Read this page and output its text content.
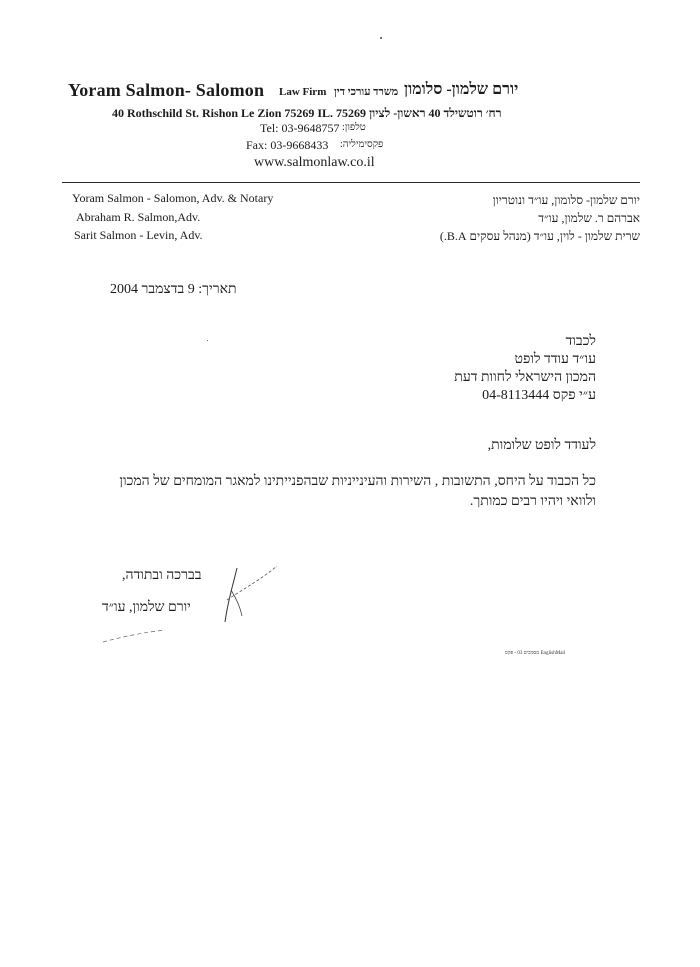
Yoram Salmon- Salomon Law Firm	יורם שלמון- סלומון
משרד עורכי דין
40 Rothschild St. Rishon Le Zion 75269 IL. 75269 רח׳ רוטשילד 40 ראשון- לציון
טלפון:
Tel: 03-9648757
פקסימיליה:
Fax: 03-9668433
www.salmonlaw.co.il
Yoram Salmon - Salomon, Adv. & Notary
Abraham R. Salmon,Adv.
Sarit Salmon - Levin, Adv.
יורם שלמון- סלומון, עו״ד ונוטריון
אברהם ר. שלמון, עו״ד
שרית שלמון - לוין, עו״ד (מנהל עסקים B.A.)
תאריך: 9 בדצמבר 2004
לכבוד
עו״ד עודד לופט
המכון הישראלי לחוות דעת
ע״י פקס 04-8113444
לעודד לופט שלומות,
כל הכבוד על היחס, התשובות , השירות והעינייניות שבהפנייתינו למאגר המומחים של המכון
ולוואי ויהיו רבים כמותך.
בברכה ובתודה,
יורם שלמון, עו״ד
מסמכים 03 - פקס EnglishMail
